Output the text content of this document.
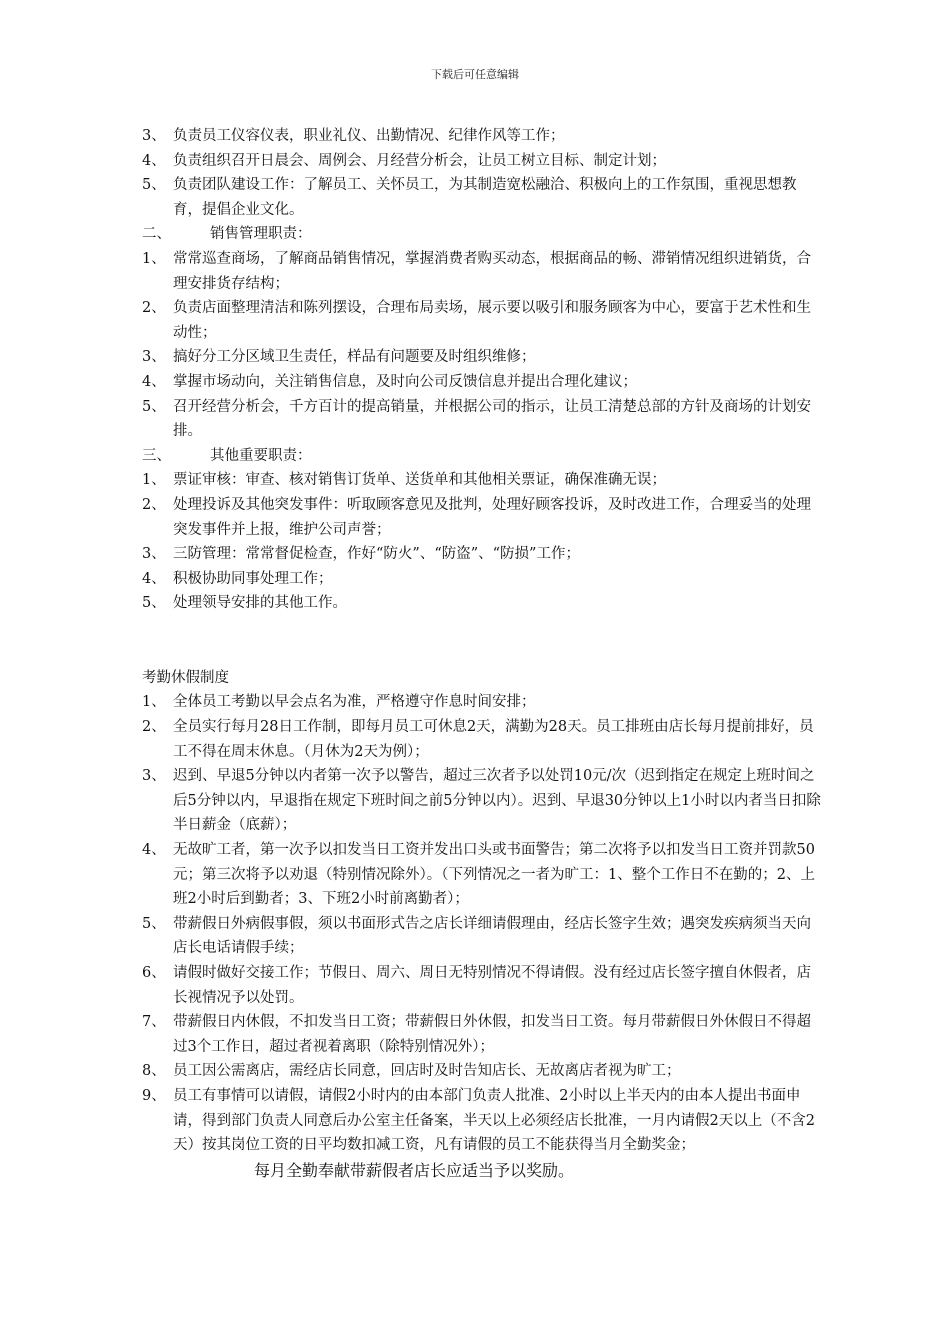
下载后可任意编辑
3、 负责员工仪容仪表，职业礼仪、出勤情况、纪律作风等工作；
4、 负责组织召开日晨会、周例会、月经营分析会，让员工树立目标、制定计划；
5、 负责团队建设工作：了解员工、关怀员工，为其制造宽松融洽、积极向上的工作氛围，重视思想教育，提倡企业文化。
二、	销售管理职责：
1、 常常巡查商场，了解商品销售情况，掌握消费者购买动态，根据商品的畅、滞销情况组织进销货，合理安排货存结构；
2、 负责店面整理清洁和陈列摆设，合理布局卖场，展示要以吸引和服务顾客为中心，要富于艺术性和生动性；
3、 搞好分工分区域卫生责任，样品有问题要及时组织维修；
4、 掌握市场动向，关注销售信息，及时向公司反馈信息并提出合理化建议；
5、 召开经营分析会，千方百计的提高销量，并根据公司的指示，让员工清楚总部的方针及商场的计划安排。
三、	其他重要职责：
1、 票证审核：审查、核对销售订货单、送货单和其他相关票证，确保准确无误；
2、 处理投诉及其他突发事件：听取顾客意见及批判，处理好顾客投诉，及时改进工作，合理妥当的处理突发事件并上报，维护公司声誉；
3、 三防管理：常常督促检查，作好“防火”、“防盗”、“防损”工作；
4、 积极协助同事处理工作；
5、 处理领导安排的其他工作。
考勤休假制度
1、 全体员工考勤以早会点名为准，严格遵守作息时间安排；
2、 全员实行每月28日工作制，即每月员工可休息2天，满勤为28天。员工排班由店长每月提前排好，员工不得在周末休息。（月休为2天为例）；
3、 迟到、早退5分钟以内者第一次予以警告，超过三次者予以处罚10元/次（迟到指定在规定上班时间之后5分钟以内，早退指在规定下班时间之前5分钟以内）。迟到、早退30分钟以上1小时以内者当日扣除半日薪金（底薪）；
4、 无故旷工者，第一次予以扣发当日工资并发出口头或书面警告；第二次将予以扣发当日工资并罚款50元；第三次将予以劝退（特别情况除外）。（下列情况之一者为旷工：1、整个工作日不在勤的；2、上班2小时后到勤者；3、下班2小时前离勤者）；
5、 带薪假日外病假事假，须以书面形式告之店长详细请假理由，经店长签字生效；遇突发疾病须当天向店长电话请假手续；
6、 请假时做好交接工作；节假日、周六、周日无特别情况不得请假。没有经过店长签字擅自休假者，店长视情况予以处罚。
7、 带薪假日内休假，不扣发当日工资；带薪假日外休假，扣发当日工资。每月带薪假日外休假日不得超过3个工作日，超过者视着离职（除特别情况外）；
8、 员工因公需离店，需经店长同意，回店时及时告知店长、无故离店者视为旷工；
9、 员工有事情可以请假，请假2小时内的由本部门负责人批准、2小时以上半天内的由本人提出书面申请，得到部门负责人同意后办公室主任备案，半天以上必须经店长批准，一月内请假2天以上（不含2天）按其岗位工资的日平均数扣减工资，凡有请假的员工不能获得当月全勤奖金；
每月全勤奉献带薪假者店长应适当予以奖励。
